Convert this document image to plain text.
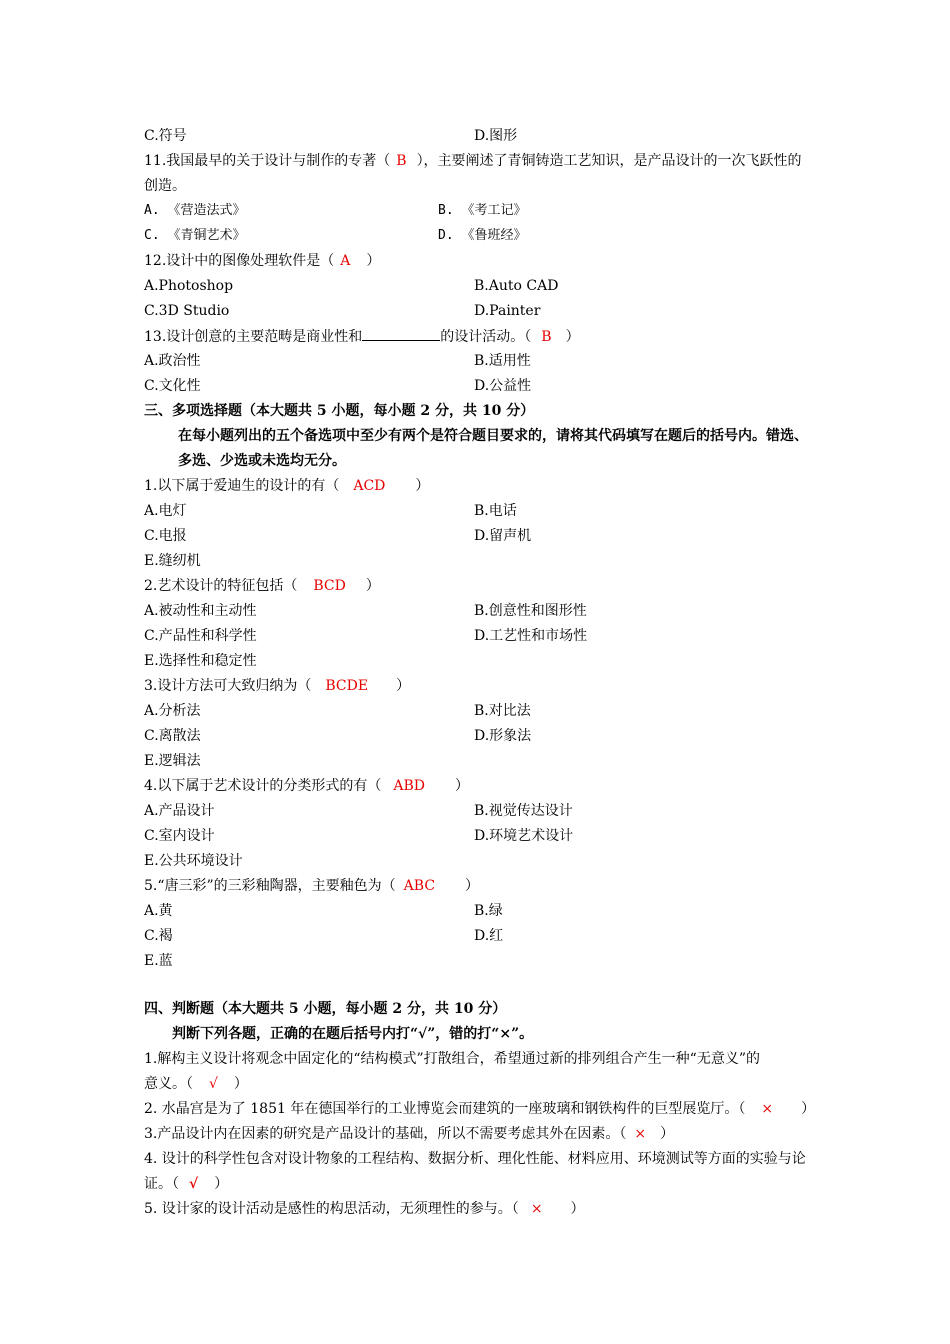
C.符号	D.图形
11.我国最早的关于设计与制作的专著（ B ），主要阐述了青铜铸造工艺知识，是产品设计的一次飞跃性的
创造。
A. 《营造法式》	B. 《考工记》
C. 《青铜艺术》	D. 《鲁班经》
12.设计中的图像处理软件是（ A ）
A.Photoshop	B.Auto CAD
C.3D Studio	D.Painter
13.设计创意的主要范畴是商业性和	的设计活动。（ B ）
A.政治性	B.适用性
C.文化性	D.公益性
三、多项选择题（本大题共 5 小题，每小题 2 分，共 10 分）
在每小题列出的五个备选项中至少有两个是符合题目要求的，请将其代码填写在题后的括号内。错选、
多选、少选或未选均无分。
1.以下属于爱迪生的设计的有（ ACD ）
A.电灯	B.电话
C.电报	D.留声机
E.缝纫机
2.艺术设计的特征包括（ BCD ）
A.被动性和主动性	B.创意性和图形性
C.产品性和科学性	D.工艺性和市场性
E.选择性和稳定性
3.设计方法可大致归纳为（ BCDE ）
A.分析法	B.对比法
C.离散法	D.形象法
E.逻辑法
4.以下属于艺术设计的分类形式的有（ ABD ）
A.产品设计	B.视觉传达设计
C.室内设计	D.环境艺术设计
E.公共环境设计
5.“唐三彩”的三彩釉陶器，主要釉色为（ ABC ）
A.黄	B.绿
C.褐	D.红
E.蓝
四、判断题（本大题共 5 小题，每小题 2 分，共 10 分）
判断下列各题，正确的在题后括号内打“√”，错的打“×”。
1.解构主义设计将观念中固定化的“结构模式”打散组合，希望通过新的排列组合产生一种“无意义”的
意义。（ √ ）
2. 水晶宫是为了 1851 年在德国举行的工业博览会而建筑的一座玻璃和钢铁构件的巨型展览厅。（ × ）
3.产品设计内在因素的研究是产品设计的基础，所以不需要考虑其外在因素。（ × ）
4. 设计的科学性包含对设计物象的工程结构、数据分析、理化性能、材料应用、环境测试等方面的实验与论
证。（ √ ）
5. 设计家的设计活动是感性的构思活动，无须理性的参与。（ × ）
